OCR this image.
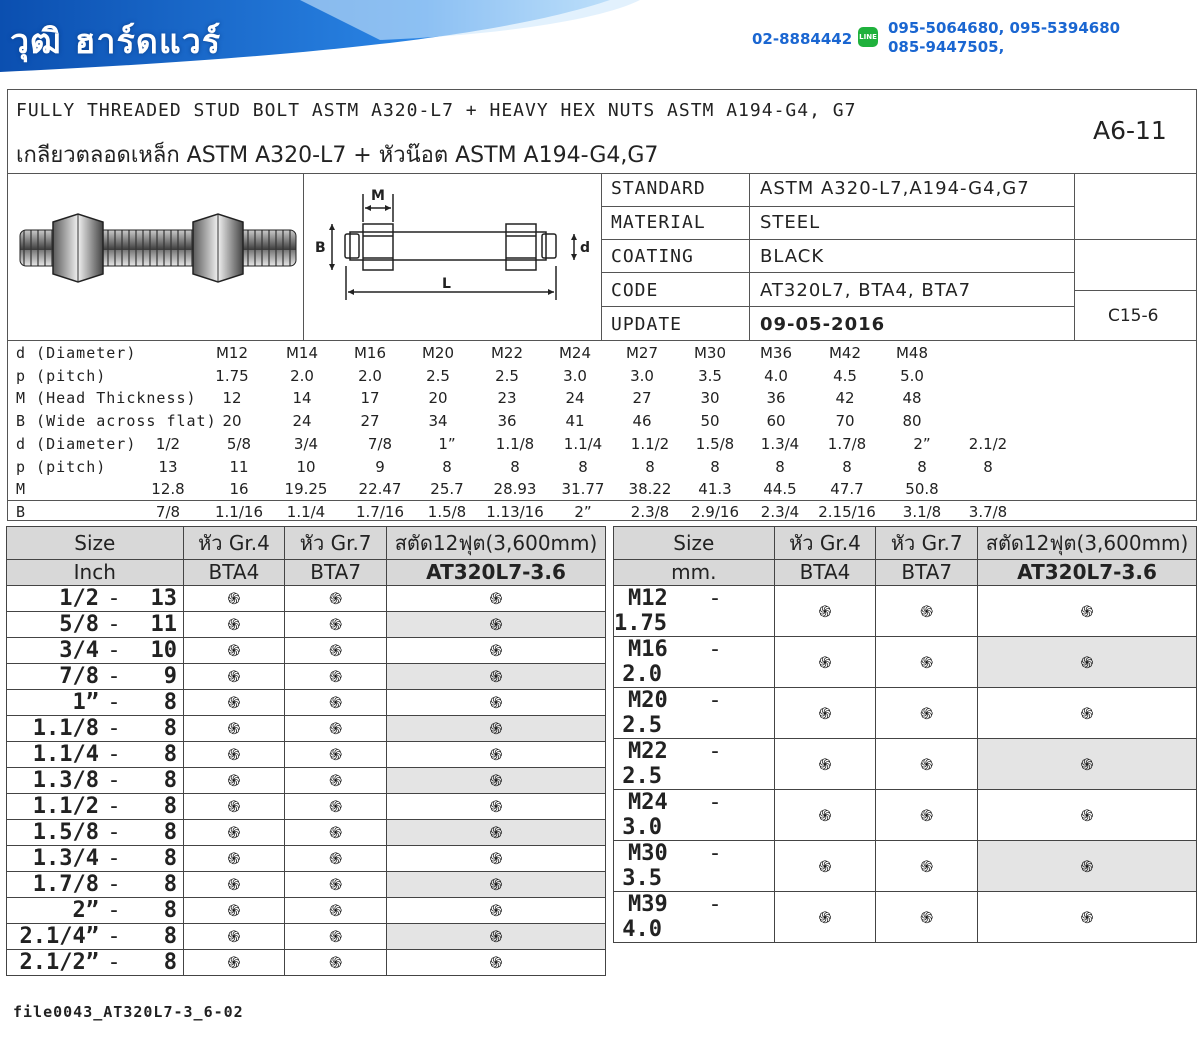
วุฒิ ฮาร์ดแวร์	02-8884442 LINE 095-5064680, 095-5394680
085-9447505,
FULLY THREADED STUD BOLT ASTM A320-L7 + HEAVY HEX NUTS ASTM A194-G4, G7
เกลียวตลอดเหล็ก ASTM A320-L7 + หัวน๊อต ASTM A194-G4,G7
A6-11
M
B	d
L
STANDARD	ASTM A320-L7,A194-G4,G7
MATERIAL	STEEL
COATING	BLACK
CODE	AT320L7, BTA4, BTA7
UPDATE	09-05-2016	C15-6
d (Diameter)	M12	M14 M16 M20 M22 M24 M27 M30 M36 M42 M48
p (pitch)	1.75	2.0	2.0	2.5	2.5	3.0	3.0	3.5	4.0	4.5	5.0
M (Head Thickness) 12	14	17	20	23	24	27	30	36	42	48
B (Wide across flat) 20	24	27	34	36	41	46	50	60	70	80
d (Diameter) 1/2	5/8	3/4	7/8	1”	1.1/8 1.1/4 1.1/2 1.5/8 1.3/4 1.7/8	2”	2.1/2
p (pitch)	13	11	10	9	8	8	8	8	8	8	8	8	8
M	12.8	16 19.25 22.47 25.7 28.93 31.77 38.22 41.3 44.5 47.7	50.8
B	7/8 1.1/16 1.1/4 1.7/16 1.5/8 1.13/16 2”	2.3/8 2.9/16 2.3/4 2.15/16 3.1/8 3.7/8
Size	หัว Gr.4	หัว Gr.7	สตัด12ฟุต(3,600mm)
Inch	BTA4	BTA7	AT320L7-3.6
1/2 - 13	֍	֍	֍
5/8 - 11	֍	֍	֍
3/4 - 10	֍	֍	֍
7/8 - 9	֍	֍	֍
1” - 8	֍	֍	֍
1.1/8 - 8	֍	֍	֍
1.1/4 - 8	֍	֍	֍
1.3/8 - 8	֍	֍	֍
1.1/2 - 8	֍	֍	֍
1.5/8 - 8	֍	֍	֍
1.3/4 - 8	֍	֍	֍
1.7/8 - 8	֍	֍	֍
2” - 8	֍	֍	֍
2.1/4” - 8	֍	֍	֍
2.1/2” - 8	֍	֍	֍
Size	หัว Gr.4	หัว Gr.7	สตัด12ฟุต(3,600mm)
mm.	BTA4	BTA7	AT320L7-3.6
M12 -1.75	֍	֍	֍
M16 -2.0	֍	֍	֍
M20 -2.5	֍	֍	֍
M22 -2.5	֍	֍	֍
M24 -3.0	֍	֍	֍
M30 -3.5	֍	֍	֍
M39 -4.0	֍	֍	֍
file0043_AT320L7-3_6-02
